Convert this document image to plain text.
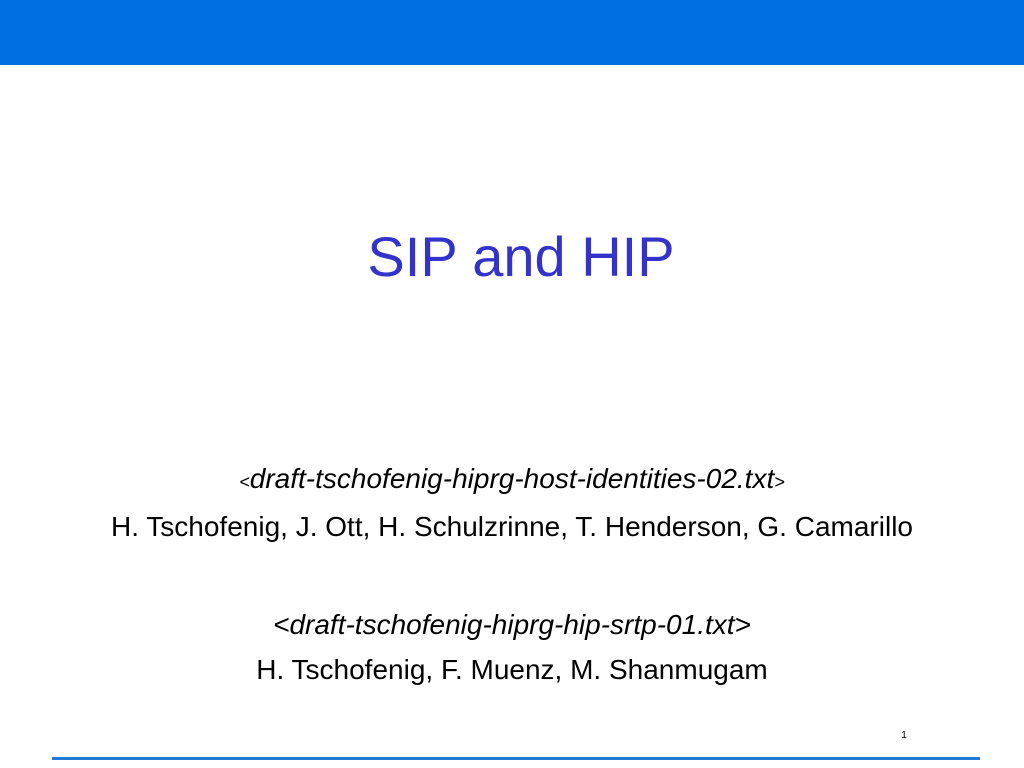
SIP and HIP
<draft-tschofenig-hiprg-host-identities-02.txt>
H. Tschofenig, J. Ott, H. Schulzrinne, T. Henderson, G. Camarillo
<draft-tschofenig-hiprg-hip-srtp-01.txt>
H. Tschofenig, F. Muenz, M. Shanmugam
1
